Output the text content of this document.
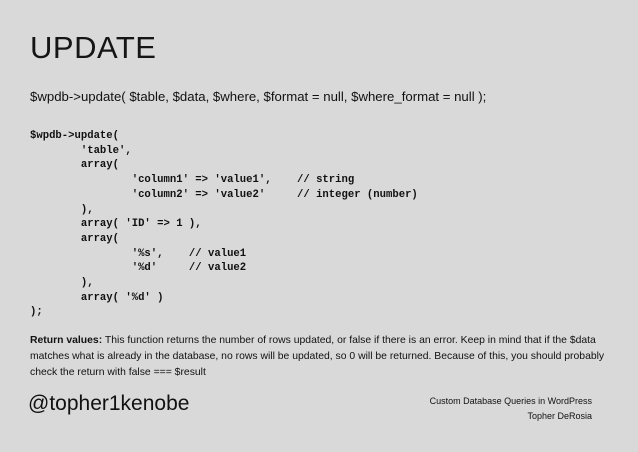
UPDATE
$wpdb->update( $table, $data, $where, $format = null, $where_format = null );
$wpdb->update(
'table',
array(
'column1' => 'value1',    // string
'column2' => 'value2'     // integer (number)
),
array( 'ID' => 1 ),
array(
'%s',    // value1
'%d'     // value2
),
array( '%d' )
);
Return values: This function returns the number of rows updated, or false if there is an error. Keep in mind that if the $data matches what is already in the database, no rows will be updated, so 0 will be returned. Because of this, you should probably check the return with false === $result
@topher1kenobe	Custom Database Queries in WordPress
Topher DeRosia
